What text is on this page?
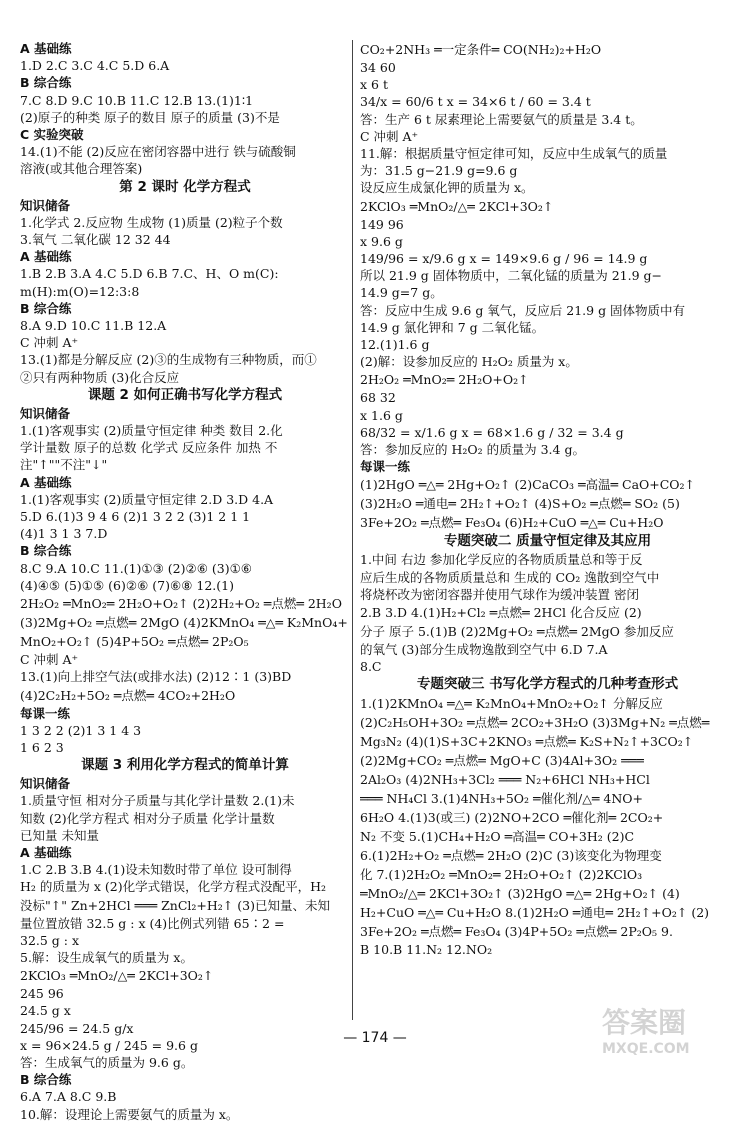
A 基础练
1.D 2.C 3.C 4.C 5.D 6.A
B 综合练
7.C 8.D 9.C 10.B 11.C 12.B 13.(1)1∶1
(2)原子的种类 原子的数目 原子的质量 (3)不是
C 实验突破
14.(1)不能 (2)反应在密闭容器中进行 铁与硫酸铜
溶液(或其他合理答案)
第 2 课时 化学方程式
知识储备
1.化学式 2.反应物 生成物 (1)质量 (2)粒子个数
3.氧气 二氧化碳 12 32 44
A 基础练
1.B 2.B 3.A 4.C 5.D 6.B 7.C、H、O m(C):
m(H):m(O)=12:3:8
B 综合练
8.A 9.D 10.C 11.B 12.A
C 冲刺 A⁺
13.(1)都是分解反应 (2)③的生成物有三种物质，而①
②只有两种物质 (3)化合反应
课题 2 如何正确书写化学方程式
知识储备
1.(1)客观事实 (2)质量守恒定律 种类 数目 2.化
学计量数 原子的总数 化学式 反应条件 加热 不
注"↑""不注"↓"
A 基础练
1.(1)客观事实 (2)质量守恒定律 2.D 3.D 4.A
5.D 6.(1)3 9 4 6 (2)1 3 2 2 (3)1 2 1 1
(4)1 3 1 3 7.D
B 综合练
8.C 9.A 10.C 11.(1)①③ (2)②⑥ (3)①⑥
(4)④⑤ (5)①⑤ (6)②⑥ (7)⑥⑧ 12.(1)
2H₂O₂ ═MnO₂═ 2H₂O+O₂↑ (2)2H₂+O₂ ═点燃═ 2H₂O
(3)2Mg+O₂ ═点燃═ 2MgO (4)2KMnO₄ ═△═ K₂MnO₄+
MnO₂+O₂↑ (5)4P+5O₂ ═点燃═ 2P₂O₅
C 冲刺 A⁺
13.(1)向上排空气法(或排水法) (2)12∶1 (3)BD
(4)2C₂H₂+5O₂ ═点燃═ 4CO₂+2H₂O
每课一练
1 3 2 2 (2)1 3 1 4 3
1 6 2 3
课题 3 利用化学方程式的简单计算
知识储备
1.质量守恒 相对分子质量与其化学计量数 2.(1)未
知数 (2)化学方程式 相对分子质量 化学计量数
已知量 未知量
A 基础练
1.C 2.B 3.B 4.(1)设未知数时带了单位 设可制得
H₂ 的质量为 x (2)化学式错误，化学方程式没配平，H₂
没标"↑" Zn+2HCl ═══ ZnCl₂+H₂↑ (3)已知量、未知
量位置放错 32.5 g : x (4)比例式列错 65∶2 =
32.5 g : x
5.解：设生成氧气的质量为 x。
2KClO₃ ═MnO₂/△═ 2KCl+3O₂↑
245 96
24.5 g x
245/96 = 24.5 g/x
x = 96×24.5 g / 245 = 9.6 g
答：生成氧气的质量为 9.6 g。
B 综合练
6.A 7.A 8.C 9.B
10.解：设理论上需要氨气的质量为 x。
CO₂+2NH₃ ═一定条件═ CO(NH₂)₂+H₂O
34 60
x 6 t
34/x = 60/6 t x = 34×6 t / 60 = 3.4 t
答：生产 6 t 尿素理论上需要氨气的质量是 3.4 t。
C 冲刺 A⁺
11.解：根据质量守恒定律可知，反应中生成氧气的质量
为：31.5 g−21.9 g=9.6 g
设反应生成氯化钾的质量为 x。
2KClO₃ ═MnO₂/△═ 2KCl+3O₂↑
149 96
x 9.6 g
149/96 = x/9.6 g x = 149×9.6 g / 96 = 14.9 g
所以 21.9 g 固体物质中，二氧化锰的质量为 21.9 g−
14.9 g=7 g。
答：反应中生成 9.6 g 氧气，反应后 21.9 g 固体物质中有
14.9 g 氯化钾和 7 g 二氧化锰。
12.(1)1.6 g
(2)解：设参加反应的 H₂O₂ 质量为 x。
2H₂O₂ ═MnO₂═ 2H₂O+O₂↑
68 32
x 1.6 g
68/32 = x/1.6 g x = 68×1.6 g / 32 = 3.4 g
答：参加反应的 H₂O₂ 的质量为 3.4 g。
每课一练
(1)2HgO ═△═ 2Hg+O₂↑ (2)CaCO₃ ═高温═ CaO+CO₂↑
(3)2H₂O ═通电═ 2H₂↑+O₂↑ (4)S+O₂ ═点燃═ SO₂ (5)
3Fe+2O₂ ═点燃═ Fe₃O₄ (6)H₂+CuO ═△═ Cu+H₂O
专题突破二 质量守恒定律及其应用
1.中间 右边 参加化学反应的各物质质量总和等于反
应后生成的各物质质量总和 生成的 CO₂ 逸散到空气中
将烧杯改为密闭容器并使用气球作为缓冲装置 密闭
2.B 3.D 4.(1)H₂+Cl₂ ═点燃═ 2HCl 化合反应 (2)
分子 原子 5.(1)B (2)2Mg+O₂ ═点燃═ 2MgO 参加反应
的氧气 (3)部分生成物逸散到空气中 6.D 7.A
8.C
专题突破三 书写化学方程式的几种考查形式
1.(1)2KMnO₄ ═△═ K₂MnO₄+MnO₂+O₂↑ 分解反应
(2)C₂H₅OH+3O₂ ═点燃═ 2CO₂+3H₂O (3)3Mg+N₂ ═点燃═
Mg₃N₂ (4)(1)S+3C+2KNO₃ ═点燃═ K₂S+N₂↑+3CO₂↑
(2)2Mg+CO₂ ═点燃═ MgO+C (3)4Al+3O₂ ═══
2Al₂O₃ (4)2NH₃+3Cl₂ ═══ N₂+6HCl NH₃+HCl
═══ NH₄Cl 3.(1)4NH₃+5O₂ ═催化剂/△═ 4NO+
6H₂O 4.(1)3(或三) (2)2NO+2CO ═催化剂═ 2CO₂+
N₂ 不变 5.(1)CH₄+H₂O ═高温═ CO+3H₂ (2)C
6.(1)2H₂+O₂ ═点燃═ 2H₂O (2)C (3)该变化为物理变
化 7.(1)2H₂O₂ ═MnO₂═ 2H₂O+O₂↑ (2)2KClO₃
═MnO₂/△═ 2KCl+3O₂↑ (3)2HgO ═△═ 2Hg+O₂↑ (4)
H₂+CuO ═△═ Cu+H₂O 8.(1)2H₂O ═通电═ 2H₂↑+O₂↑ (2)
3Fe+2O₂ ═点燃═ Fe₃O₄ (3)4P+5O₂ ═点燃═ 2P₂O₅ 9.
B 10.B 11.N₂ 12.NO₂
— 174 —	答案圈
MXQE.COM
